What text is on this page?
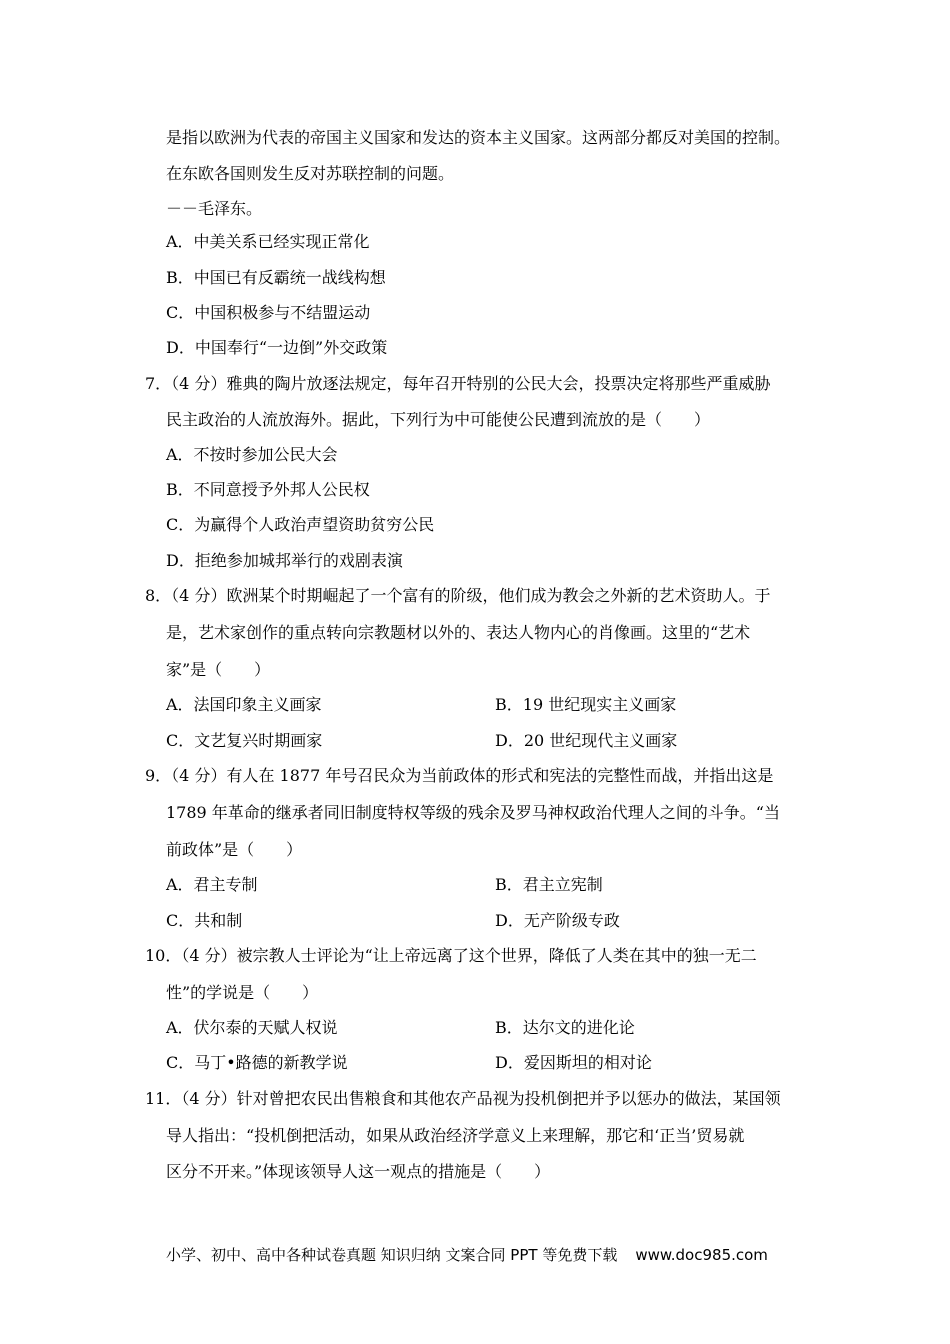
是指以欧洲为代表的帝国主义国家和发达的资本主义国家。这两部分都反对美国的控制。
在东欧各国则发生反对苏联控制的问题。
－－毛泽东。
A．中美关系已经实现正常化
B．中国已有反霸统一战线构想
C．中国积极参与不结盟运动
D．中国奉行“一边倒”外交政策
7．（4 分）雅典的陶片放逐法规定，每年召开特别的公民大会，投票决定将那些严重威胁
民主政治的人流放海外。据此，下列行为中可能使公民遭到流放的是（　　）
A．不按时参加公民大会
B．不同意授予外邦人公民权
C．为赢得个人政治声望资助贫穷公民
D．拒绝参加城邦举行的戏剧表演
8．（4 分）欧洲某个时期崛起了一个富有的阶级，他们成为教会之外新的艺术资助人。于
是，艺术家创作的重点转向宗教题材以外的、表达人物内心的肖像画。这里的“艺术
家”是（　　）
A．法国印象主义画家	B．19 世纪现实主义画家
C．文艺复兴时期画家	D．20 世纪现代主义画家
9．（4 分）有人在 1877 年号召民众为当前政体的形式和宪法的完整性而战，并指出这是
1789 年革命的继承者同旧制度特权等级的残余及罗马神权政治代理人之间的斗争。“当
前政体”是（　　）
A．君主专制	B．君主立宪制
C．共和制	D．无产阶级专政
10．（4 分）被宗教人士评论为“让上帝远离了这个世界，降低了人类在其中的独一无二
性”的学说是（　　）
A．伏尔泰的天赋人权说	B．达尔文的进化论
C．马丁•路德的新教学说	D．爱因斯坦的相对论
11．（4 分）针对曾把农民出售粮食和其他农产品视为投机倒把并予以惩办的做法，某国领
导人指出：“投机倒把活动，如果从政治经济学意义上来理解，那它和‘正当’贸易就
区分不开来。”体现该领导人这一观点的措施是（　　）
小学、初中、高中各种试卷真题 知识归纳 文案合同 PPT 等免费下载 www.doc985.com
